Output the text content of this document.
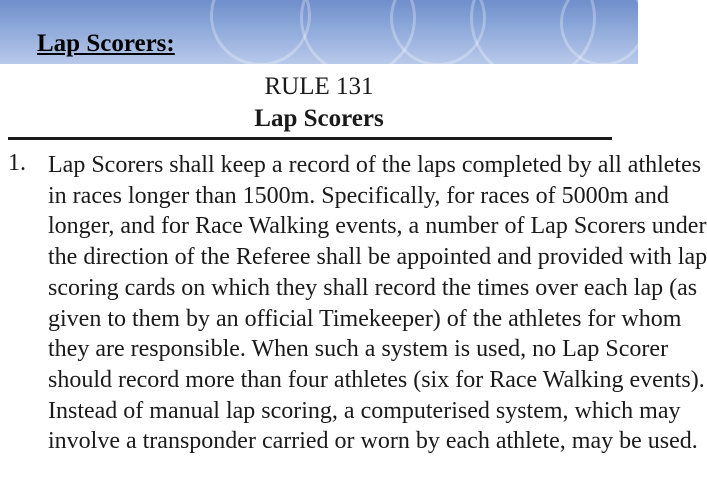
Lap Scorers:
RULE 131
Lap Scorers
1. Lap Scorers shall keep a record of the laps completed by all athletes
in races longer than 1500m. Specifically, for races of 5000m and
longer, and for Race Walking events, a number of Lap Scorers under
the direction of the Referee shall be appointed and provided with lap
scoring cards on which they shall record the times over each lap (as
given to them by an official Timekeeper) of the athletes for whom
they are responsible. When such a system is used, no Lap Scorer
should record more than four athletes (six for Race Walking events).
Instead of manual lap scoring, a computerised system, which may
involve a transponder carried or worn by each athlete, may be used.
